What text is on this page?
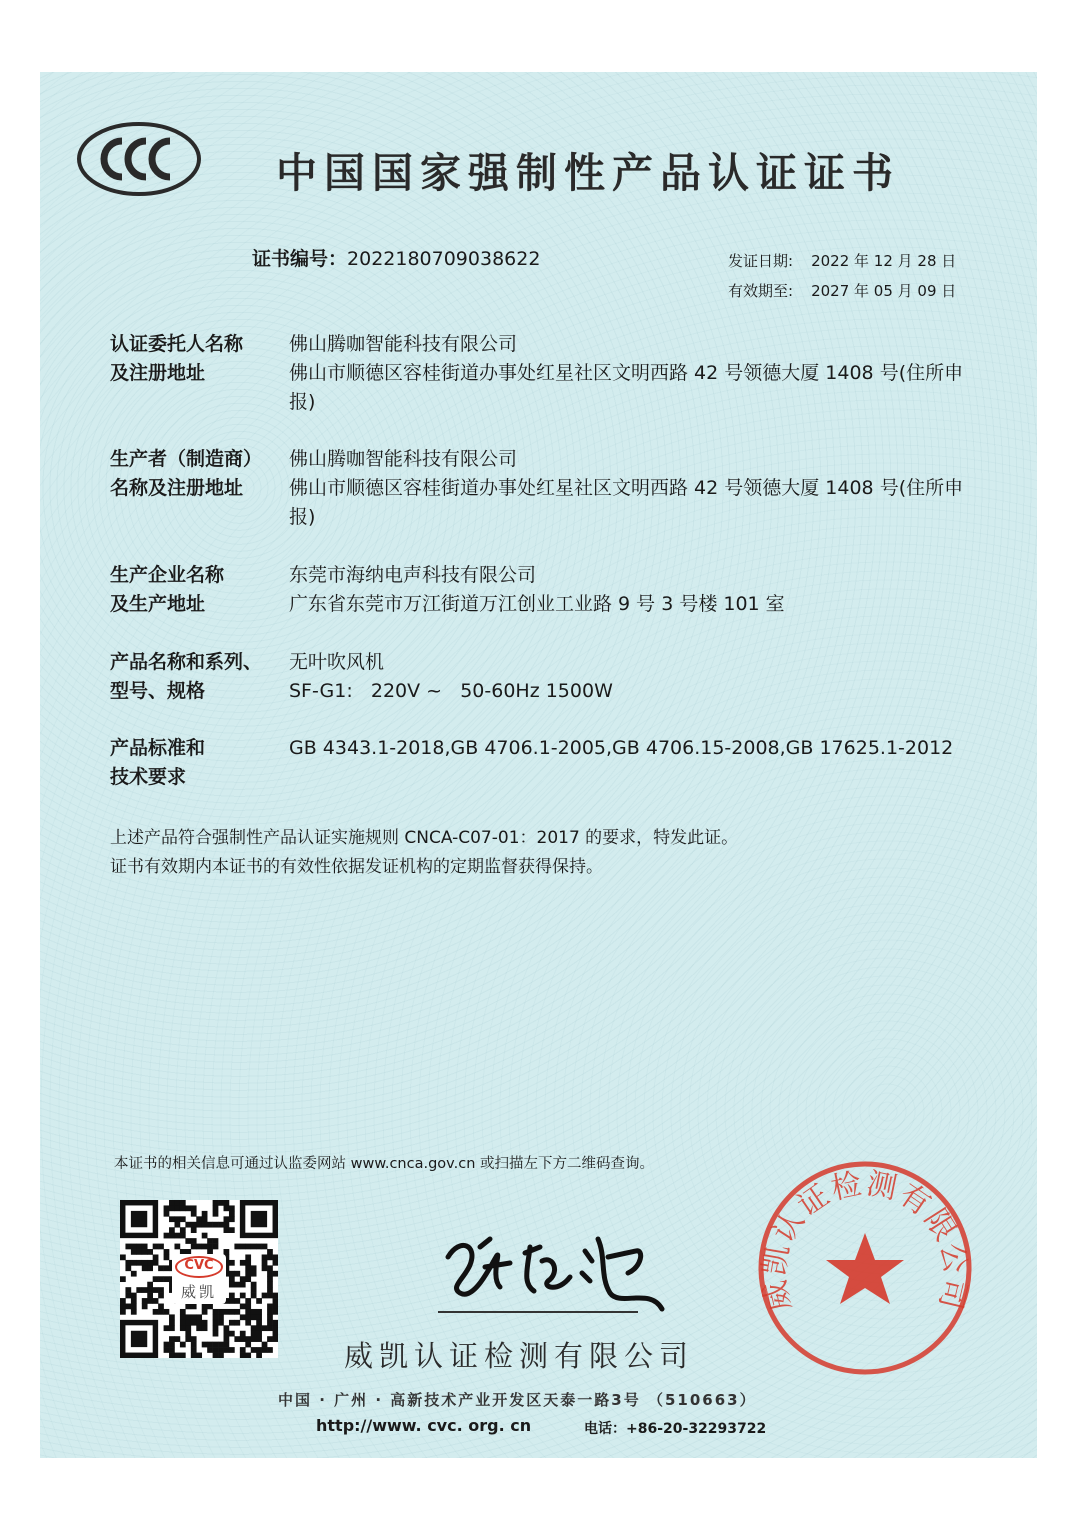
中国国家强制性产品认证证书
证书编号：2022180709038622	发证日期: 2022 年 12 月 28 日
有效期至: 2027 年 05 月 09 日
认证委托人名称
及注册地址
佛山腾咖智能科技有限公司
佛山市顺德区容桂街道办事处红星社区文明西路 42 号领德大厦 1408 号(住所申报)
生产者（制造商）
名称及注册地址
佛山腾咖智能科技有限公司
佛山市顺德区容桂街道办事处红星社区文明西路 42 号领德大厦 1408 号(住所申报)
生产企业名称
及生产地址
东莞市海纳电声科技有限公司
广东省东莞市万江街道万江创业工业路 9 号 3 号楼 101 室
产品名称和系列、
型号、规格
无叶吹风机
SF-G1:   220V ~   50-60Hz 1500W
产品标准和
技术要求
GB 4343.1-2018,GB 4706.1-2005,GB 4706.15-2008,GB 17625.1-2012
上述产品符合强制性产品认证实施规则 CNCA-C07-01：2017 的要求，特发此证。
证书有效期内本证书的有效性依据发证机构的定期监督获得保持。
本证书的相关信息可通过认监委网站 www.cnca.gov.cn 或扫描左下方二维码查询。
CVC
威凯
威凯认证检测有限公司
中国 · 广州 · 高新技术产业开发区天泰一路3号 （510663）
http://www. cvc. org. cn	电话：+86-20-32293722
威凯认证检测有限公司
